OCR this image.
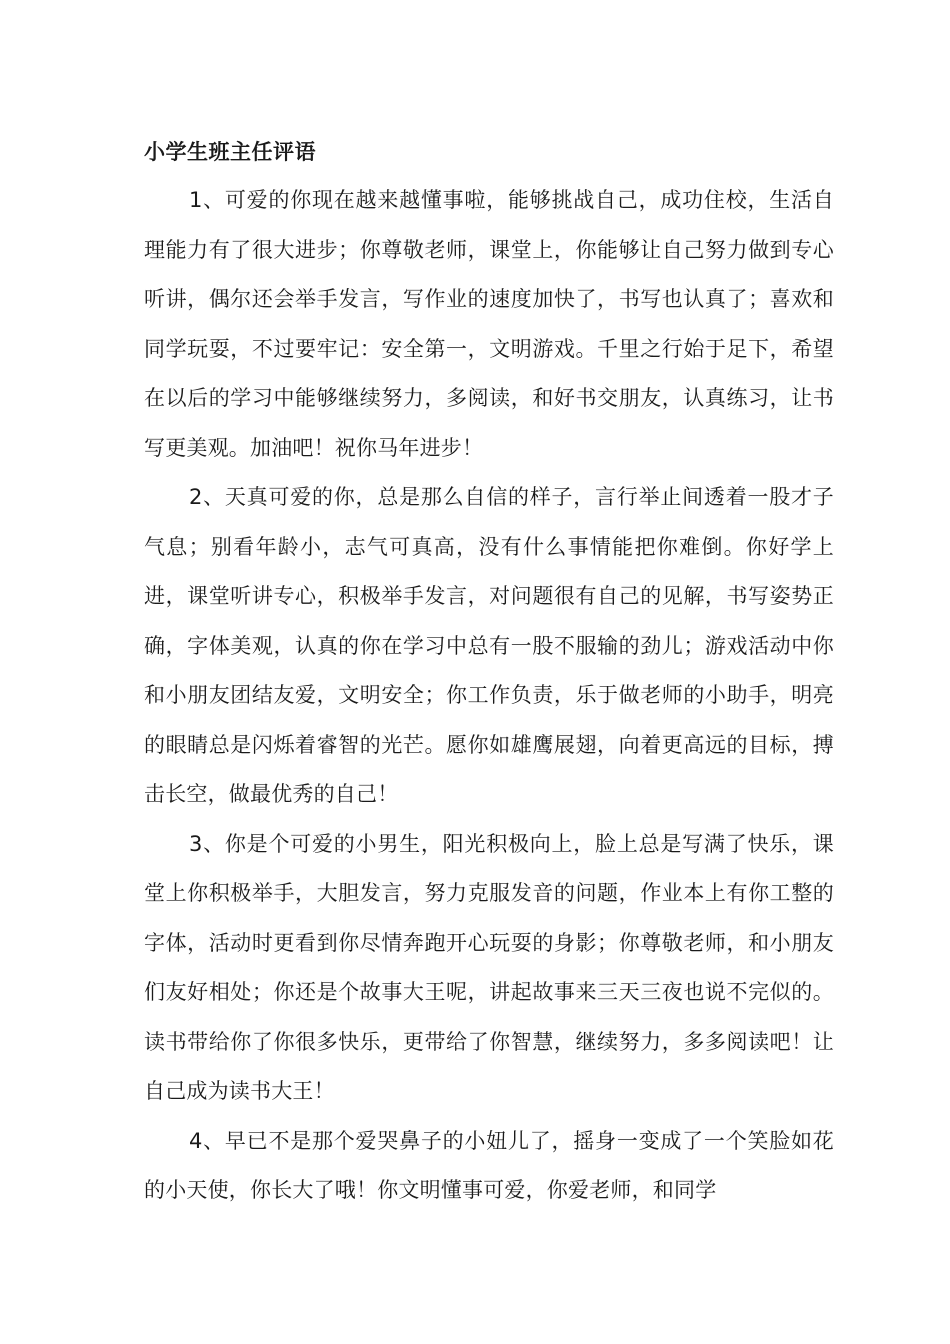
小学生班主任评语

1、可爱的你现在越来越懂事啦，能够挑战自己，成功住校，生活自理能力有了很大进步；你尊敬老师，课堂上，你能够让自己努力做到专心听讲，偶尔还会举手发言，写作业的速度加快了，书写也认真了；喜欢和同学玩耍，不过要牢记：安全第一，文明游戏。千里之行始于足下，希望在以后的学习中能够继续努力，多阅读，和好书交朋友，认真练习，让书写更美观。加油吧！祝你马年进步！

2、天真可爱的你，总是那么自信的样子，言行举止间透着一股才子气息；别看年龄小，志气可真高，没有什么事情能把你难倒。你好学上进，课堂听讲专心，积极举手发言，对问题很有自己的见解，书写姿势正确，字体美观，认真的你在学习中总有一股不服输的劲儿；游戏活动中你和小朋友团结友爱，文明安全；你工作负责，乐于做老师的小助手，明亮的眼睛总是闪烁着睿智的光芒。愿你如雄鹰展翅，向着更高远的目标，搏击长空，做最优秀的自己！

3、你是个可爱的小男生，阳光积极向上，脸上总是写满了快乐，课堂上你积极举手，大胆发言，努力克服发音的问题，作业本上有你工整的字体，活动时更看到你尽情奔跑开心玩耍的身影；你尊敬老师，和小朋友们友好相处；你还是个故事大王呢，讲起故事来三天三夜也说不完似的。读书带给你了你很多快乐，更带给了你智慧，继续努力，多多阅读吧！让自己成为读书大王！

4、早已不是那个爱哭鼻子的小妞儿了，摇身一变成了一个笑脸如花的小天使，你长大了哦！你文明懂事可爱，你爱老师，和同学
